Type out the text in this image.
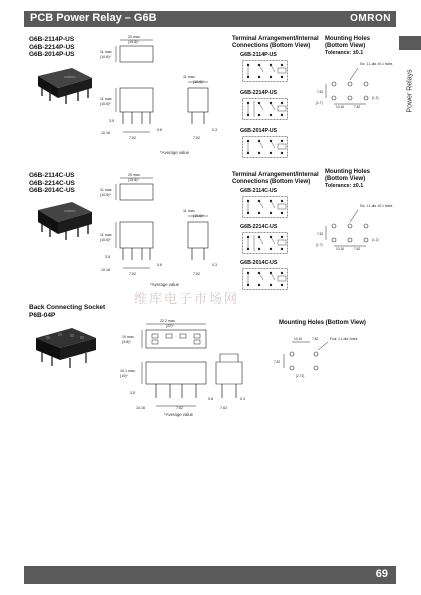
PCB Power Relay – G6B	OMRON
Power Relays
G6B-2114P-US
G6B-2214P-US
G6B-2014P-US
OMRON
20 max.
(19.8)*
11 max.
(10.6)*
11 max.
(10.6)*
3.5
10.16
7.62
0.6
11 max.
(10.6)*
0.3
7.62
*Average value
Terminal Arrangement/Internal
Connections (Bottom View)
G6B-2114P-US
G6B-2214P-US
G6B-2014P-US
Mounting Holes
(Bottom View)
Tolerance: ±0.1
Six, 1.1-dia. ±0.1 holes
7.62
(1.7)
10.16	7.62
(1.2)
G6B-2114C-US
G6B-2214C-US
G6B-2014C-US
OMRON
20 max.
(19.8)*
11 max.
(10.6)*
11 max.
(10.6)*
3.5
10.16
7.62
0.6
11 max.
(10.6)*
0.3
7.62
*Average value
Terminal Arrangement/Internal
Connections (Bottom View)
G6B-2114C-US
G6B-2214C-US
G6B-2014C-US
Mounting Holes
(Bottom View)
Tolerance: ±0.1
Six, 1.1-dia. ±0.1 holes
7.62
(1.7)
10.16	7.62
(1.2)
维库电子市场网
Back Connecting Socket
P6B-04P
22.2 max.
(22)*
10 max.
(9.8)*
10.1 max.
(10)*
3.5
10.16	7.62
0.8	0.4
7.62
*Average value
Mounting Holes (Bottom View)
10.16	7.62	Four, 1.1-dia. holes
7.62
(2.71)
69
